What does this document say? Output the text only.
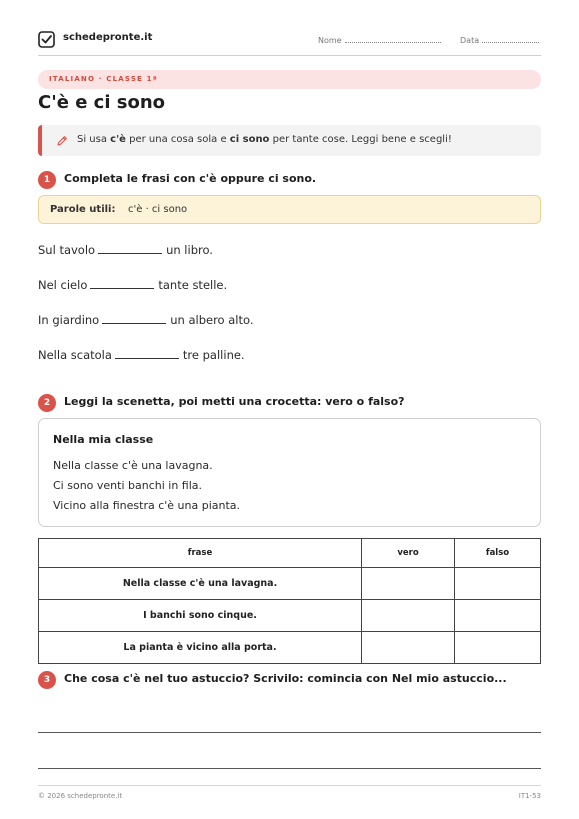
schedepronte.it	Nome	Data
ITALIANO · CLASSE 1ª
C'è e ci sono
Si usa c'è per una cosa sola e ci sono per tante cose. Leggi bene e scegli!
1	Completa le frasi con c'è oppure ci sono.
Parole utili: c'è · ci sono
Sul tavolo	un libro.
Nel cielo	tante stelle.
In giardino	un albero alto.
Nella scatola	tre palline.
2	Leggi la scenetta, poi metti una crocetta: vero o falso?
Nella mia classe
Nella classe c'è una lavagna.
Ci sono venti banchi in fila.
Vicino alla finestra c'è una pianta.
frase	vero	falso
Nella classe c'è una lavagna.		
I banchi sono cinque.		
La pianta è vicino alla porta.		
3	Che cosa c'è nel tuo astuccio? Scrivilo: comincia con Nel mio astuccio...
© 2026 schedepronte.it	IT1-53
